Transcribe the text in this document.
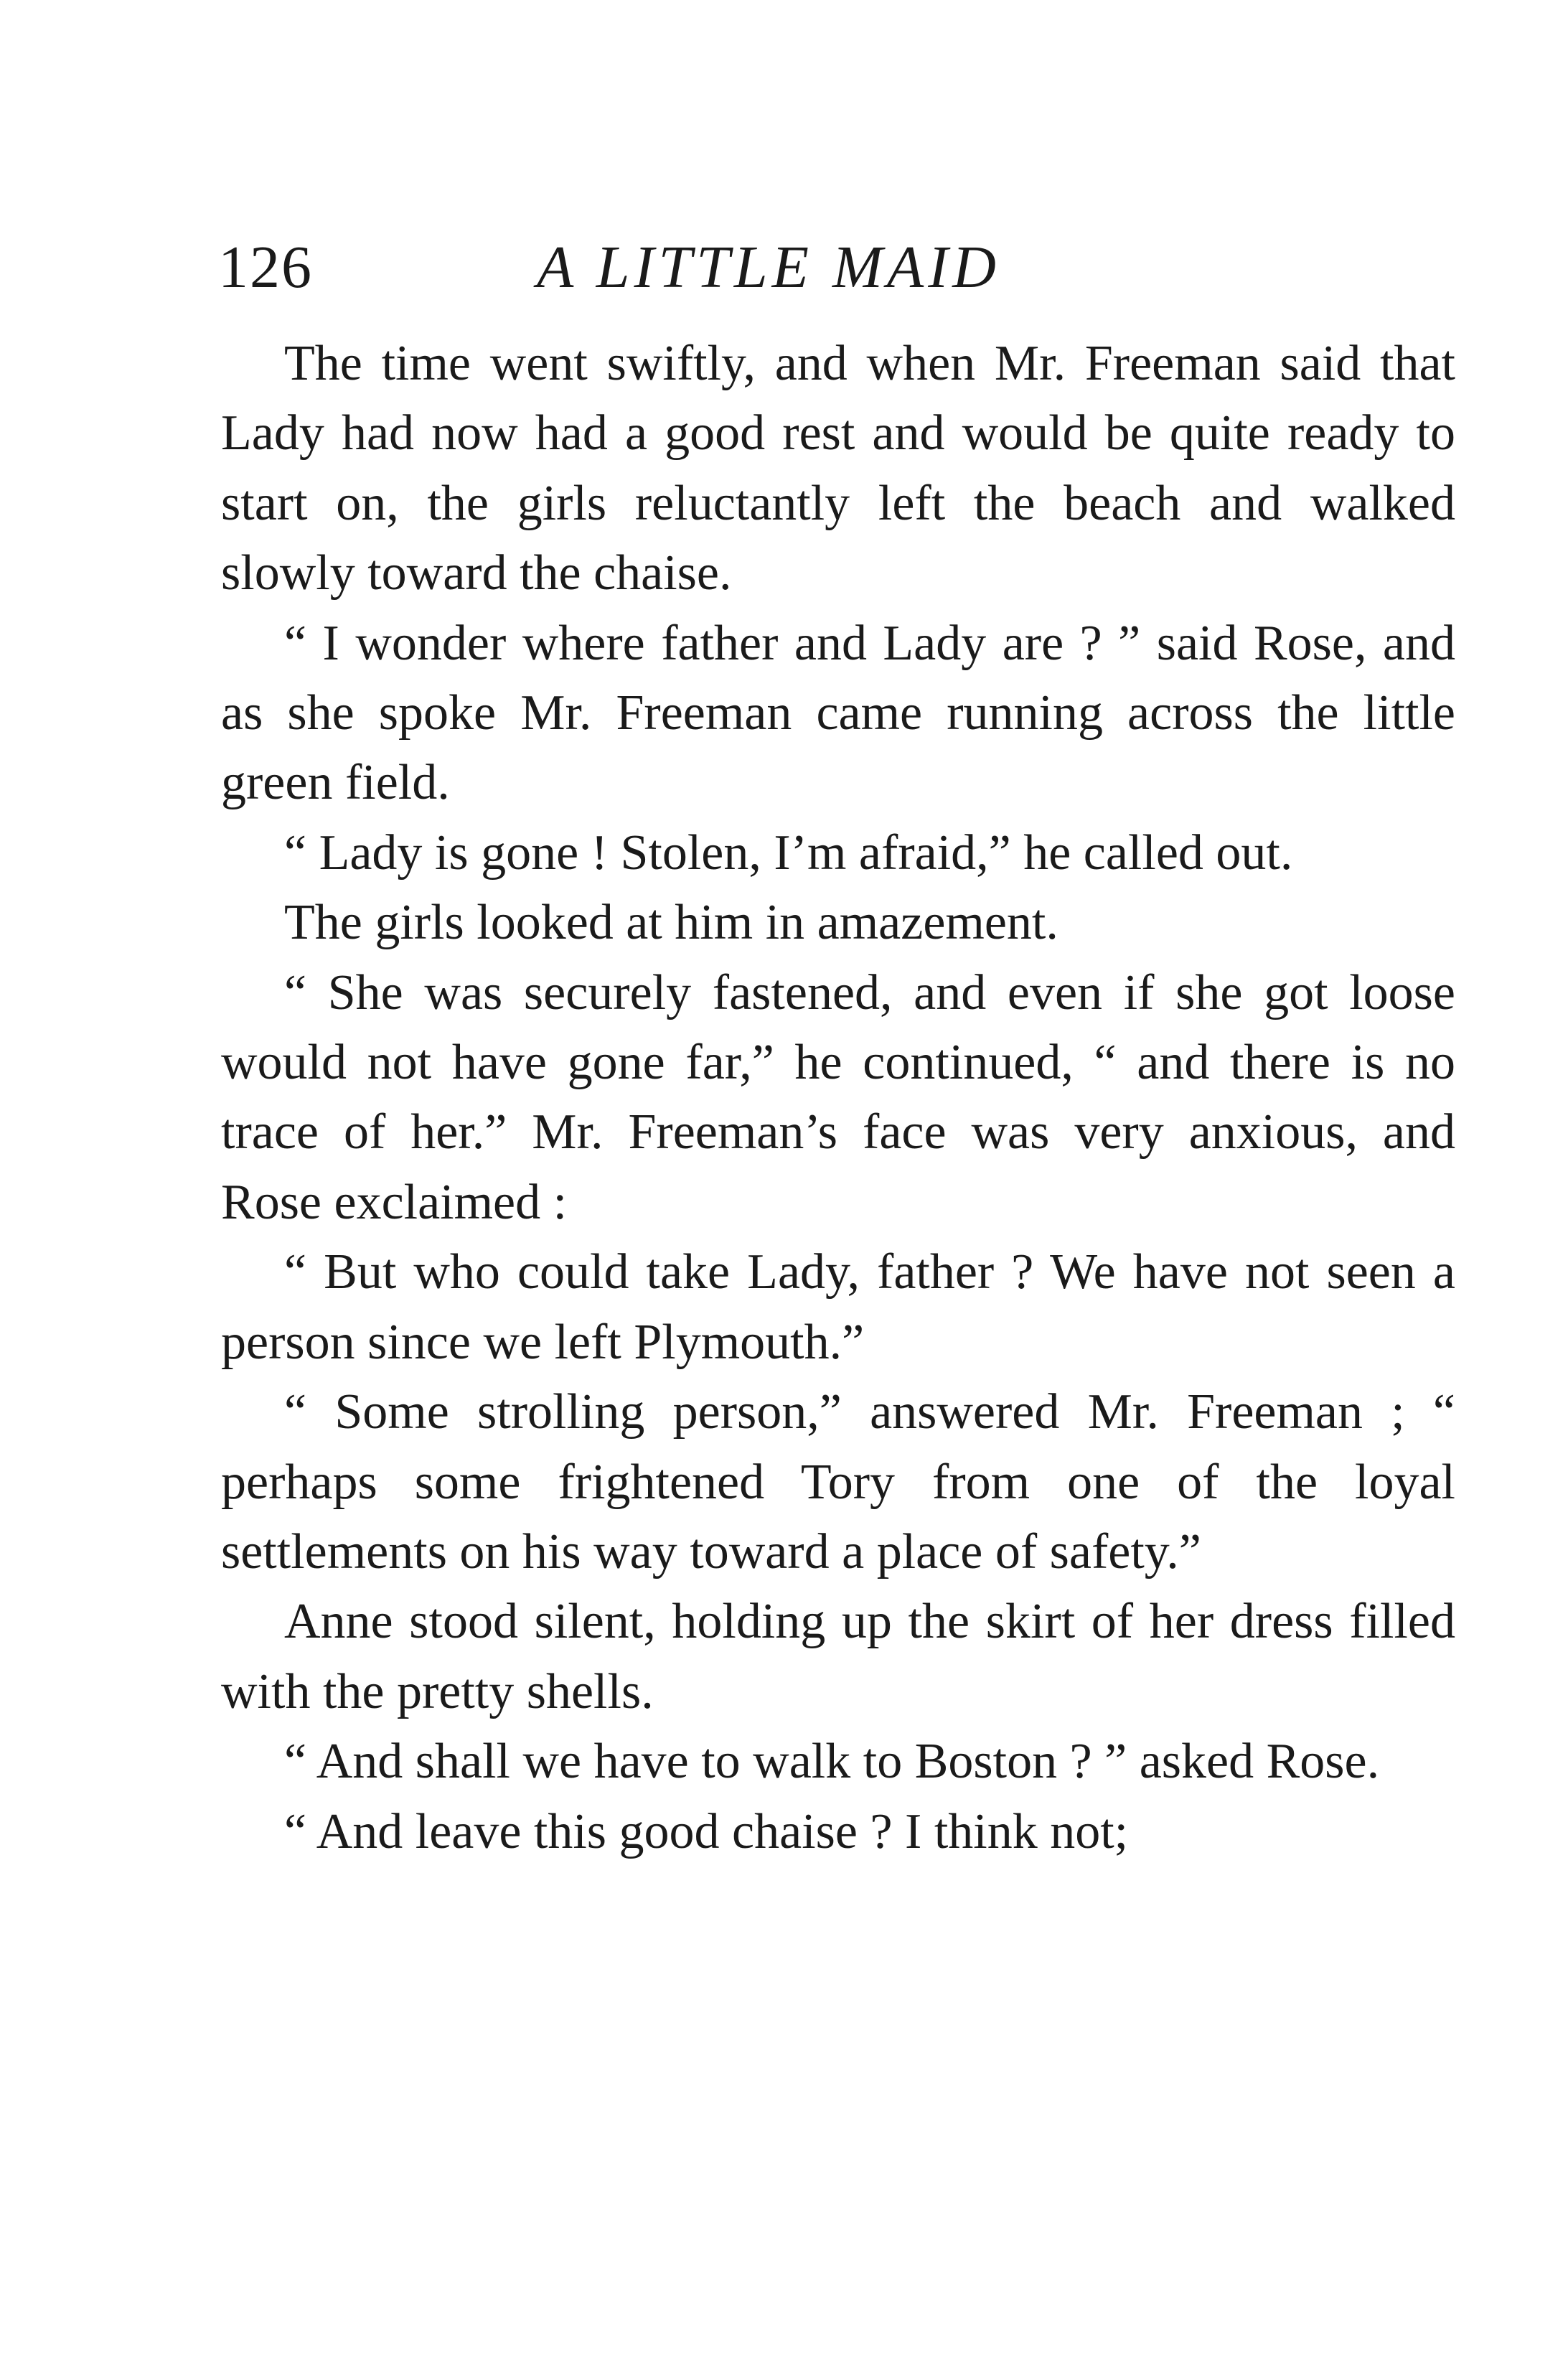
126	A LITTLE MAID

The time went swiftly, and when Mr. Freeman said that Lady had now had a good rest and would be quite ready to start on, the girls reluctantly left the beach and walked slowly toward the chaise.

“ I wonder where father and Lady are ? ” said Rose, and as she spoke Mr. Freeman came running across the little green field.

“ Lady is gone ! Stolen, I’m afraid,” he called out.

The girls looked at him in amazement.

“ She was securely fastened, and even if she got loose would not have gone far,” he continued, “ and there is no trace of her.” Mr. Freeman’s face was very anxious, and Rose exclaimed :

“ But who could take Lady, father ? We have not seen a person since we left Plymouth.”

“ Some strolling person,” answered Mr. Freeman ; “ perhaps some frightened Tory from one of the loyal settlements on his way toward a place of safety.”

Anne stood silent, holding up the skirt of her dress filled with the pretty shells.

“ And shall we have to walk to Boston ? ” asked Rose.

“ And leave this good chaise ? I think not;
